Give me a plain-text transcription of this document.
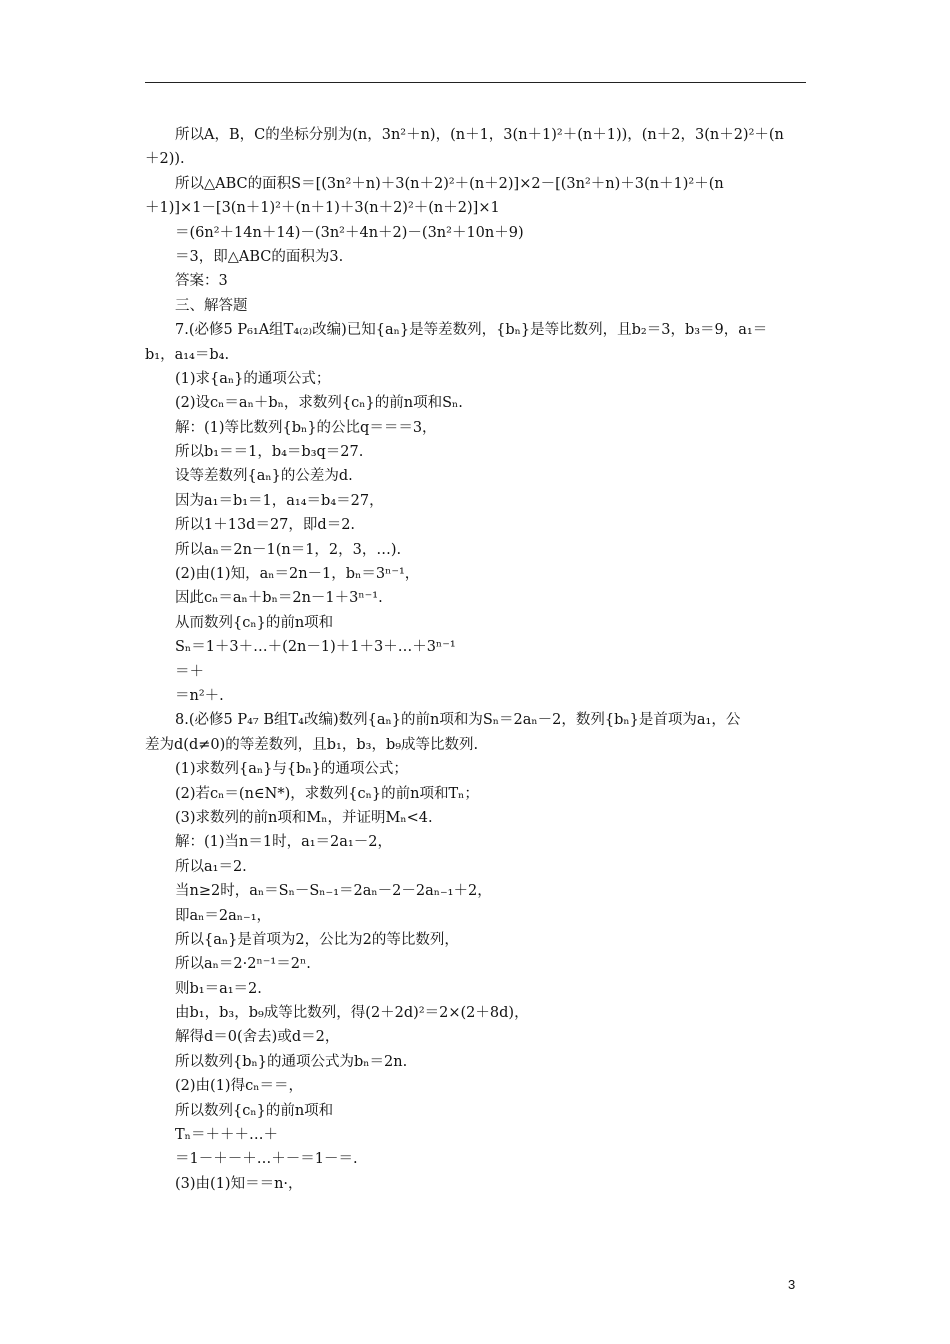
所以A，B，C的坐标分别为(n，3n²＋n)，(n＋1，3(n＋1)²＋(n＋1))，(n＋2，3(n＋2)²＋(n
＋2)).
所以△ABC的面积S＝[(3n²＋n)＋3(n＋2)²＋(n＋2)]×2－[(3n²＋n)＋3(n＋1)²＋(n
＋1)]×1－[3(n＋1)²＋(n＋1)＋3(n＋2)²＋(n＋2)]×1
＝(6n²＋14n＋14)－(3n²＋4n＋2)－(3n²＋10n＋9)
＝3，即△ABC的面积为3.
答案：3
三、解答题
7.(必修5 P₆₁A组T₄₍₂₎改编)已知{aₙ}是等差数列，{bₙ}是等比数列，且b₂＝3，b₃＝9，a₁＝
b₁，a₁₄＝b₄.
(1)求{aₙ}的通项公式；
(2)设cₙ＝aₙ＋bₙ，求数列{cₙ}的前n项和Sₙ.
解：(1)等比数列{bₙ}的公比q＝＝＝3，
所以b₁＝＝1，b₄＝b₃q＝27.
设等差数列{aₙ}的公差为d.
因为a₁＝b₁＝1，a₁₄＝b₄＝27，
所以1＋13d＝27，即d＝2.
所以aₙ＝2n－1(n＝1，2，3，…).
(2)由(1)知，aₙ＝2n－1，bₙ＝3ⁿ⁻¹，
因此cₙ＝aₙ＋bₙ＝2n－1＋3ⁿ⁻¹.
从而数列{cₙ}的前n项和
Sₙ＝1＋3＋…＋(2n－1)＋1＋3＋…＋3ⁿ⁻¹
＝＋
＝n²＋.
8.(必修5 P₄₇ B组T₄改编)数列{aₙ}的前n项和为Sₙ＝2aₙ－2，数列{bₙ}是首项为a₁，公
差为d(d≠0)的等差数列，且b₁，b₃，b₉成等比数列.
(1)求数列{aₙ}与{bₙ}的通项公式；
(2)若cₙ＝(n∈N*)，求数列{cₙ}的前n项和Tₙ；
(3)求数列的前n项和Mₙ，并证明Mₙ<4.
解：(1)当n＝1时，a₁＝2a₁－2，
所以a₁＝2.
当n≥2时，aₙ＝Sₙ－Sₙ₋₁＝2aₙ－2－2aₙ₋₁＋2，
即aₙ＝2aₙ₋₁，
所以{aₙ}是首项为2，公比为2的等比数列，
所以aₙ＝2·2ⁿ⁻¹＝2ⁿ.
则b₁＝a₁＝2.
由b₁，b₃，b₉成等比数列，得(2＋2d)²＝2×(2＋8d)，
解得d＝0(舍去)或d＝2，
所以数列{bₙ}的通项公式为bₙ＝2n.
(2)由(1)得cₙ＝＝，
所以数列{cₙ}的前n项和
Tₙ＝＋＋＋…＋
＝1－＋－＋…＋－＝1－＝.
(3)由(1)知＝＝n·，
3
